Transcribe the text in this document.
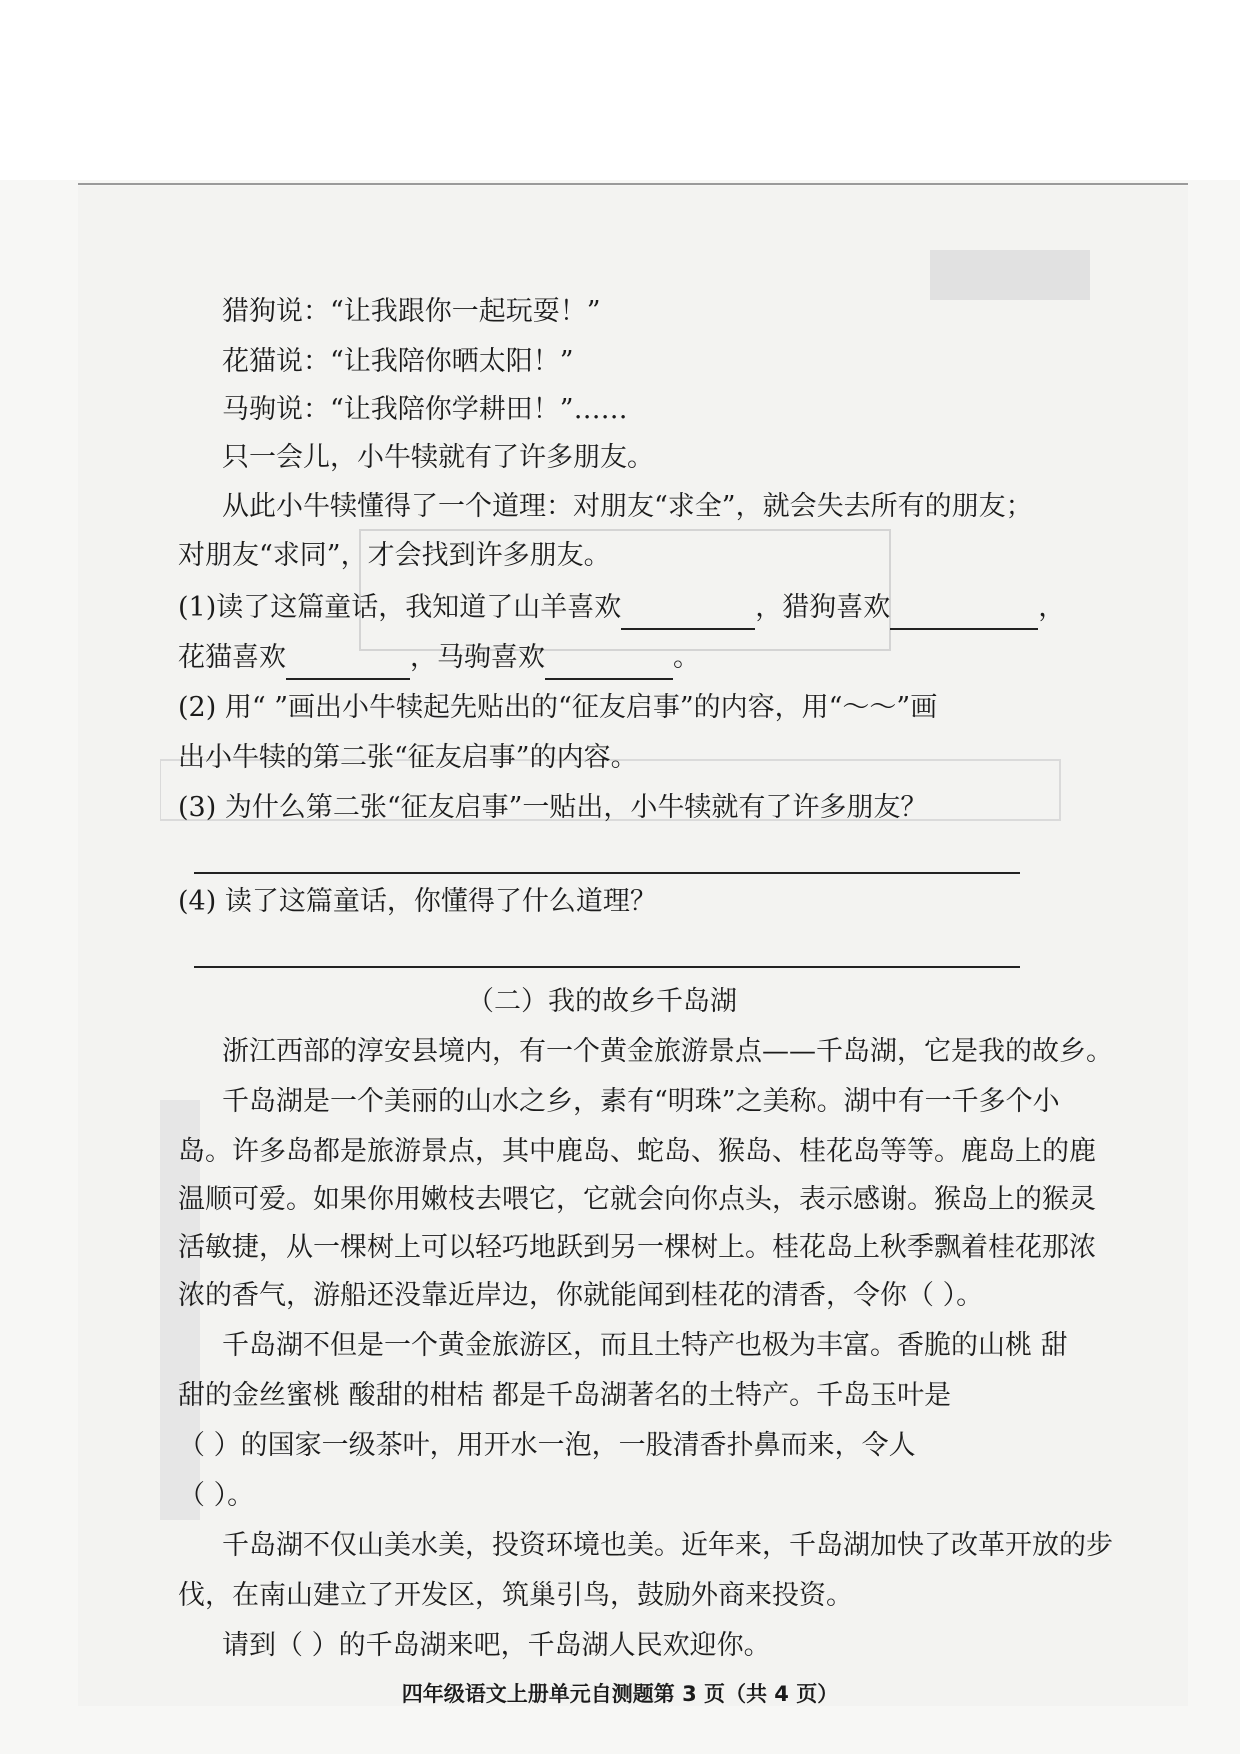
猎狗说：“让我跟你一起玩耍！”
花猫说：“让我陪你晒太阳！”
马驹说：“让我陪你学耕田！”……
只一会儿，小牛犊就有了许多朋友。
从此小牛犊懂得了一个道理：对朋友“求全”，就会失去所有的朋友；
对朋友“求同”，才会找到许多朋友。
(1)读了这篇童话，我知道了山羊喜欢	，猎狗喜欢	，
花猫喜欢	，马驹喜欢	。
(2) 用“ ”画出小牛犊起先贴出的“征友启事”的内容，用“～～”画
出小牛犊的第二张“征友启事”的内容。
(3) 为什么第二张“征友启事”一贴出，小牛犊就有了许多朋友？
(4) 读了这篇童话，你懂得了什么道理？
（二）我的故乡千岛湖
浙江西部的淳安县境内，有一个黄金旅游景点——千岛湖，它是我的故乡。
千岛湖是一个美丽的山水之乡，素有“明珠”之美称。湖中有一千多个小
岛。许多岛都是旅游景点，其中鹿岛、蛇岛、猴岛、桂花岛等等。鹿岛上的鹿
温顺可爱。如果你用嫩枝去喂它，它就会向你点头，表示感谢。猴岛上的猴灵
活敏捷，从一棵树上可以轻巧地跃到另一棵树上。桂花岛上秋季飘着桂花那浓
浓的香气，游船还没靠近岸边，你就能闻到桂花的清香，令你（ ）。
千岛湖不但是一个黄金旅游区，而且土特产也极为丰富。香脆的山桃 甜
甜的金丝蜜桃 酸甜的柑桔 都是千岛湖著名的土特产。千岛玉叶是
（ ）的国家一级茶叶，用开水一泡，一股清香扑鼻而来，令人
（ ）。
千岛湖不仅山美水美，投资环境也美。近年来，千岛湖加快了改革开放的步
伐，在南山建立了开发区，筑巢引鸟，鼓励外商来投资。
请到（ ）的千岛湖来吧，千岛湖人民欢迎你。
四年级语文上册单元自测题第 3 页（共 4 页）
